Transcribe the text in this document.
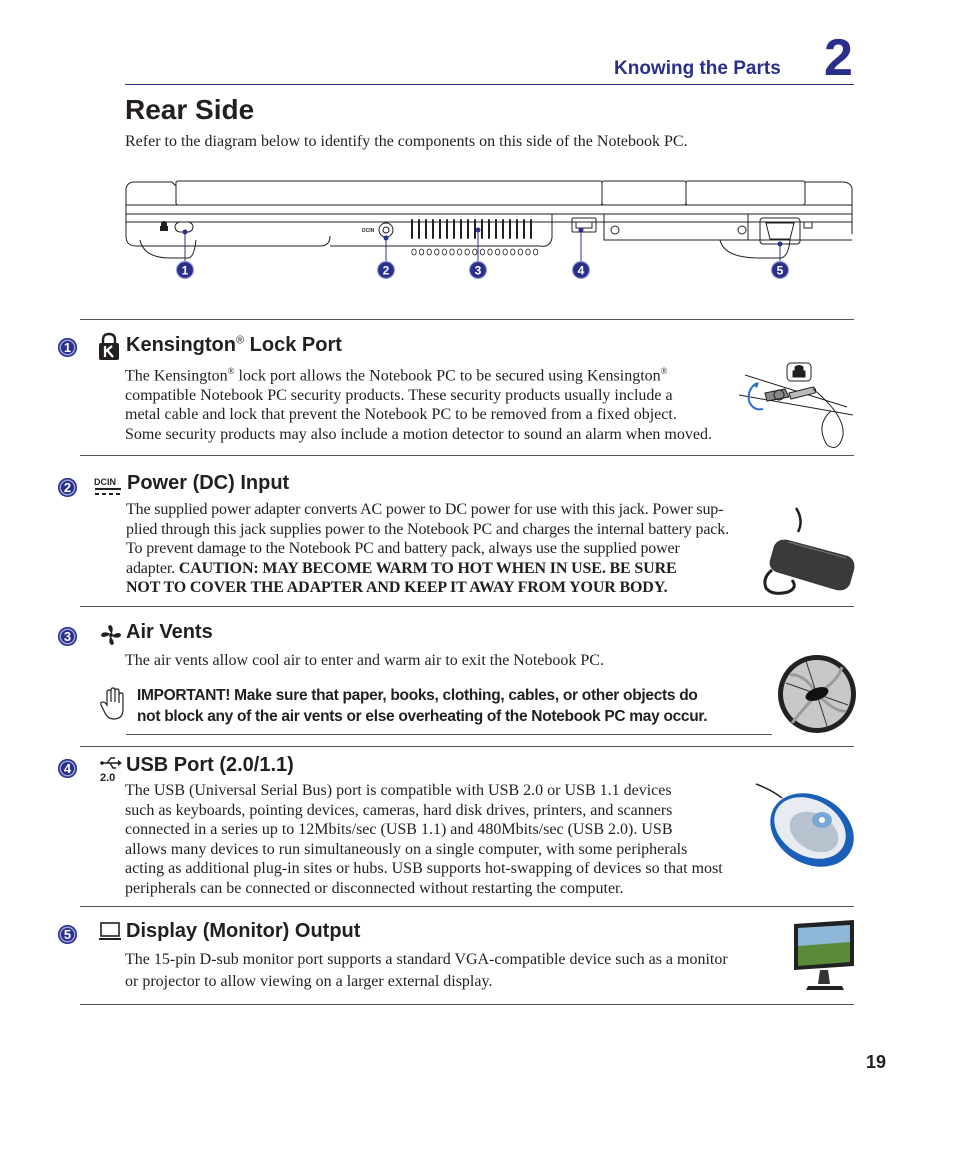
Knowing the Parts 2
Rear Side
Refer to the diagram below to identify the components on this side of the Notebook PC.
DCIN
1	2	3	4	5
1	Kensington® Lock Port

The Kensington® lock port allows the Notebook PC to be secured using Kensington®

compatible Notebook PC security products. These security products usually include a

metal cable and lock that prevent the Notebook PC to be removed from a fixed object.

Some security products may also include a motion detector to sound an alarm when moved.

2	DCIN Power (DC) Input

The supplied power adapter converts AC power to DC power for use with this jack. Power sup-

plied through this jack supplies power to the Notebook PC and charges the internal battery pack.

To prevent damage to the Notebook PC and battery pack, always use the supplied power

adapter. CAUTION: MAY BECOME WARM TO HOT WHEN IN USE. BE SURE

NOT TO COVER THE ADAPTER AND KEEP IT AWAY FROM YOUR BODY.

3	Air Vents

The air vents allow cool air to enter and warm air to exit the Notebook PC.

IMPORTANT! Make sure that paper, books, clothing, cables, or other objects do
not block any of the air vents or else overheating of the Notebook PC may occur.
4
2.0
USB Port (2.0/1.1)

The USB (Universal Serial Bus) port is compatible with USB 2.0 or USB 1.1 devices

such as keyboards, pointing devices, cameras, hard disk drives, printers, and scanners

connected in a series up to 12Mbits/sec (USB 1.1) and 480Mbits/sec (USB 2.0). USB

allows many devices to run simultaneously on a single computer, with some peripherals

acting as additional plug-in sites or hubs. USB supports hot-swapping of devices so that most

peripherals can be connected or disconnected without restarting the computer.

5	Display (Monitor) Output

The 15-pin D-sub monitor port supports a standard VGA-compatible device such as a monitor

or projector to allow viewing on a larger external display.

19
